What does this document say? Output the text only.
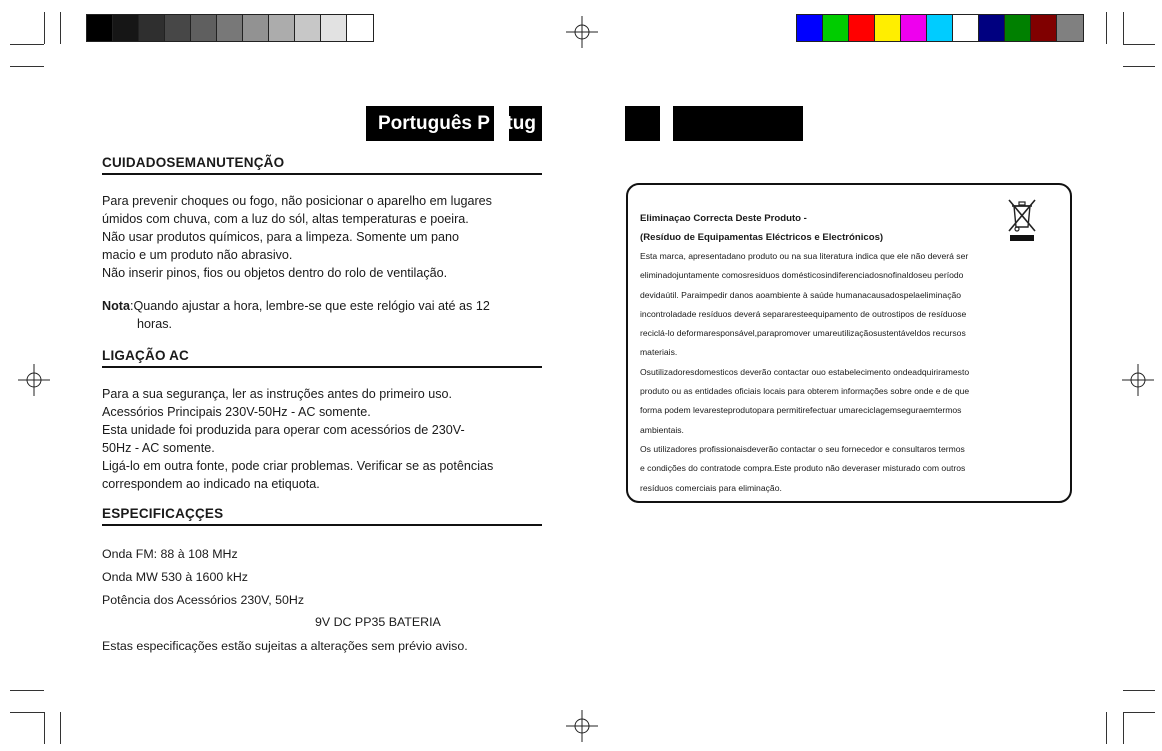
Português P rtug
CUIDADOSEMANUTENÇÃO

Para prevenir choques ou fogo, não posicionar o aparelho em lugares

úmidos com chuva, com a luz do sól, altas temperaturas e poeira.

Não usar produtos químicos, para a limpeza. Somente um pano

macio e um produto não abrasivo.

Não inserir pinos, fios ou objetos dentro do rolo de ventilação.

Nota:Quando ajustar a hora, lembre-se que este relógio vai até as 12
horas.
LIGAÇÃO AC

Para a sua segurança, ler as instruções antes do primeiro uso.

Acessórios Principais 230V-50Hz - AC somente.

Esta unidade foi produzida para operar com acessórios de 230V-

50Hz - AC somente.

Ligá-lo em outra fonte, pode criar problemas. Verificar se as potências

correspondem ao indicado na etiquota.

ESPECIFICAÇÇES
Onda FM: 88 à 108 MHz
Onda MW 530 à 1600 kHz
Potência dos Acessórios 230V, 50Hz
9V DC PP35 BATERIA
Estas especificações estão sujeitas a alterações sem prévio aviso.
Eliminaçao Correcta Deste Produto -
(Resíduo de Equipamentas Eléctricos e Electrónicos)

Esta marca, apresentadano produto ou na sua literatura indica que ele não deverá ser

eliminadojuntamente comosresiduos domésticosindiferenciadosnofinaldoseu período

devidaútil. Paraimpedir danos aoambiente à saúde humanacausadospelaeliminação

incontroladade resíduos deverá separaresteequipamento de outrostipos de resíduose

reciclá-lo deformaresponsável,parapromover umareutilizaçãosustentáveldos recursos

materiais.

Osutilizadoresdomesticos deverão contactar ouo estabelecimento ondeadquiriramesto

produto ou as entidades oficiais locais para obterem informações sobre onde e de que

forma podem levaresteprodutopara permitirefectuar umareciclagemseguraemtermos

ambientais.

Os utilizadores profissionaisdeverão contactar o seu fornecedor e consultaros termos

e condições do contratode compra.Este produto não deveraser misturado com outros

resíduos comerciais para eliminação.
